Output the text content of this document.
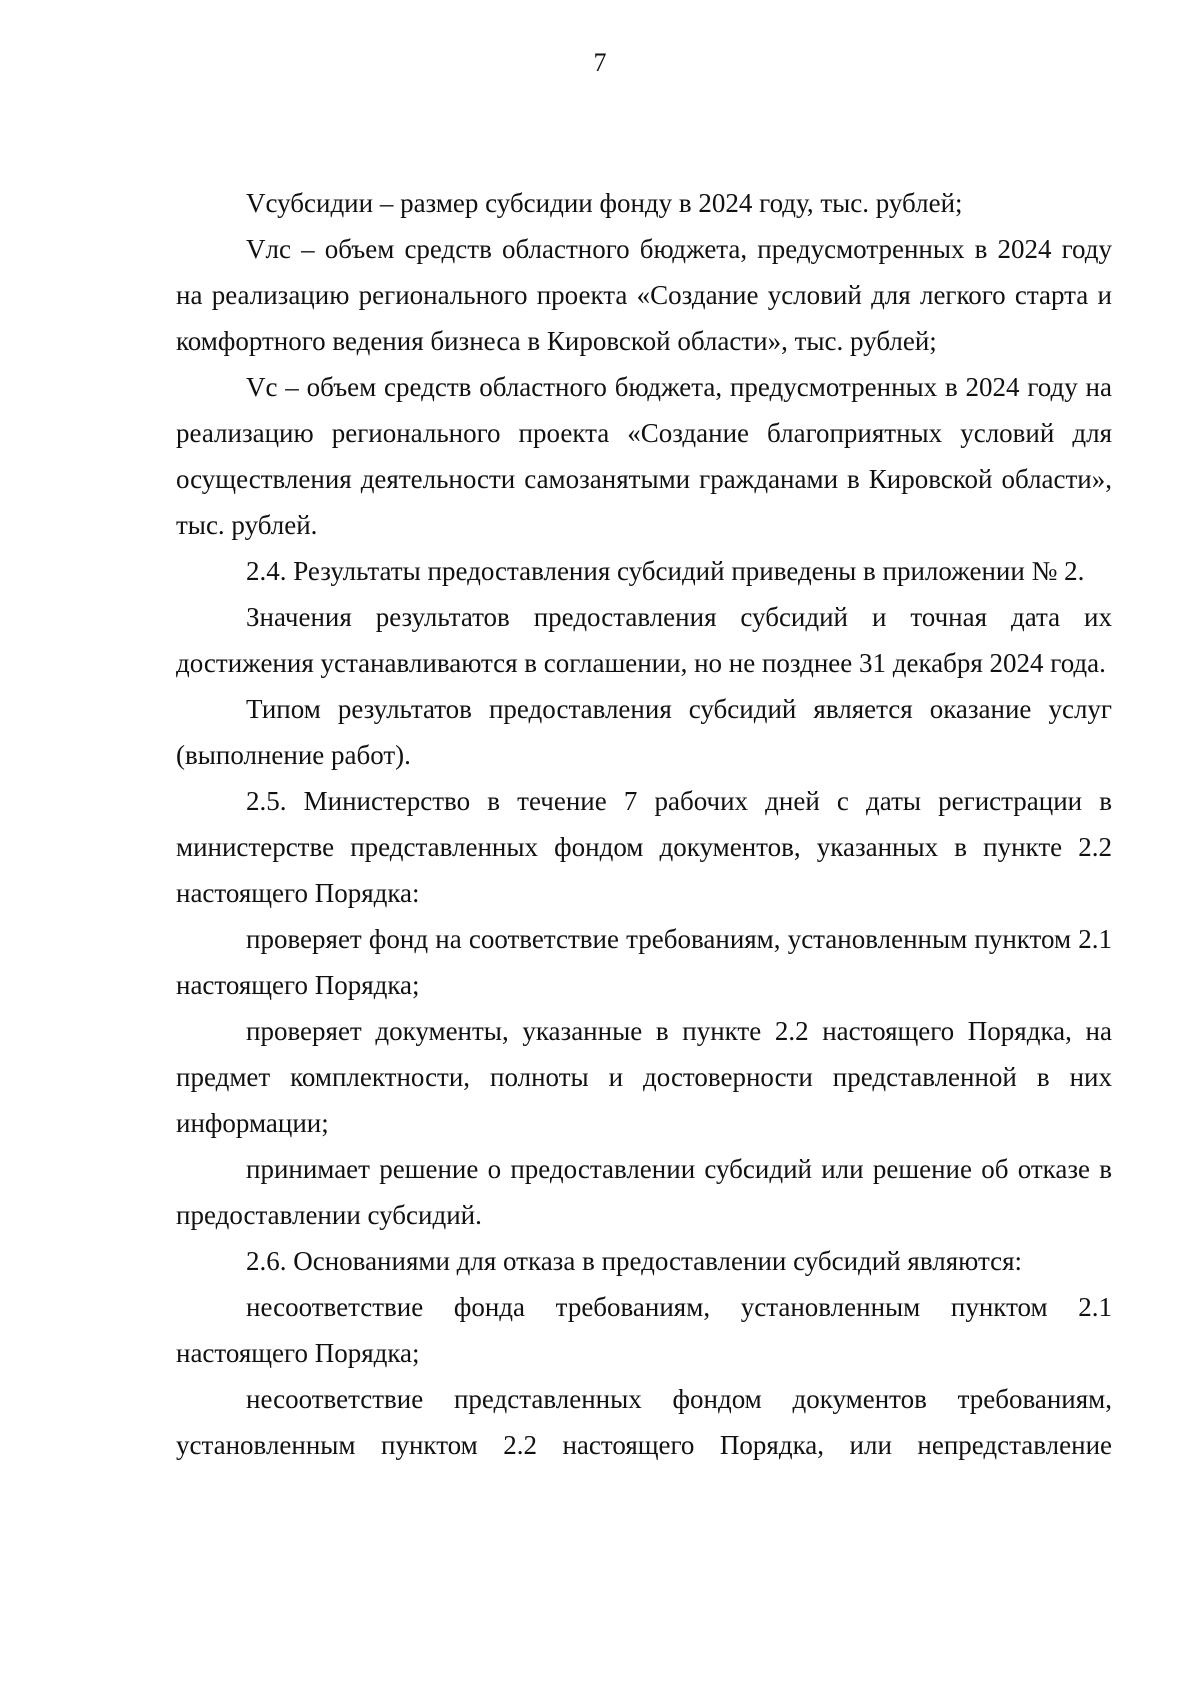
7

Vсубсидии – размер субсидии фонду в 2024 году, тыс. рублей;

Vлс – объем средств областного бюджета, предусмотренных в 2024 году на реализацию регионального проекта «Создание условий для легкого старта и комфортного ведения бизнеса в Кировской области», тыс. рублей;

Vс – объем средств областного бюджета, предусмотренных в 2024 году на реализацию регионального проекта «Создание благоприятных условий для осуществления деятельности самозанятыми гражданами в Кировской области», тыс. рублей.

2.4. Результаты предоставления субсидий приведены в приложении № 2.

Значения результатов предоставления субсидий и точная дата их достижения устанавливаются в соглашении, но не позднее 31 декабря 2024 года.

Типом результатов предоставления субсидий является оказание услуг (выполнение работ).

2.5. Министерство в течение 7 рабочих дней с даты регистрации в министерстве представленных фондом документов, указанных в пункте 2.2 настоящего Порядка:

проверяет фонд на соответствие требованиям, установленным пунктом 2.1 настоящего Порядка;

проверяет документы, указанные в пункте 2.2 настоящего Порядка, на предмет комплектности, полноты и достоверности представленной в них информации;

принимает решение о предоставлении субсидий или решение об отказе в предоставлении субсидий.

2.6. Основаниями для отказа в предоставлении субсидий являются:

несоответствие фонда требованиям, установленным пунктом 2.1 настоящего Порядка;

несоответствие представленных фондом документов требованиям, установленным пунктом 2.2 настоящего Порядка, или непредставление
